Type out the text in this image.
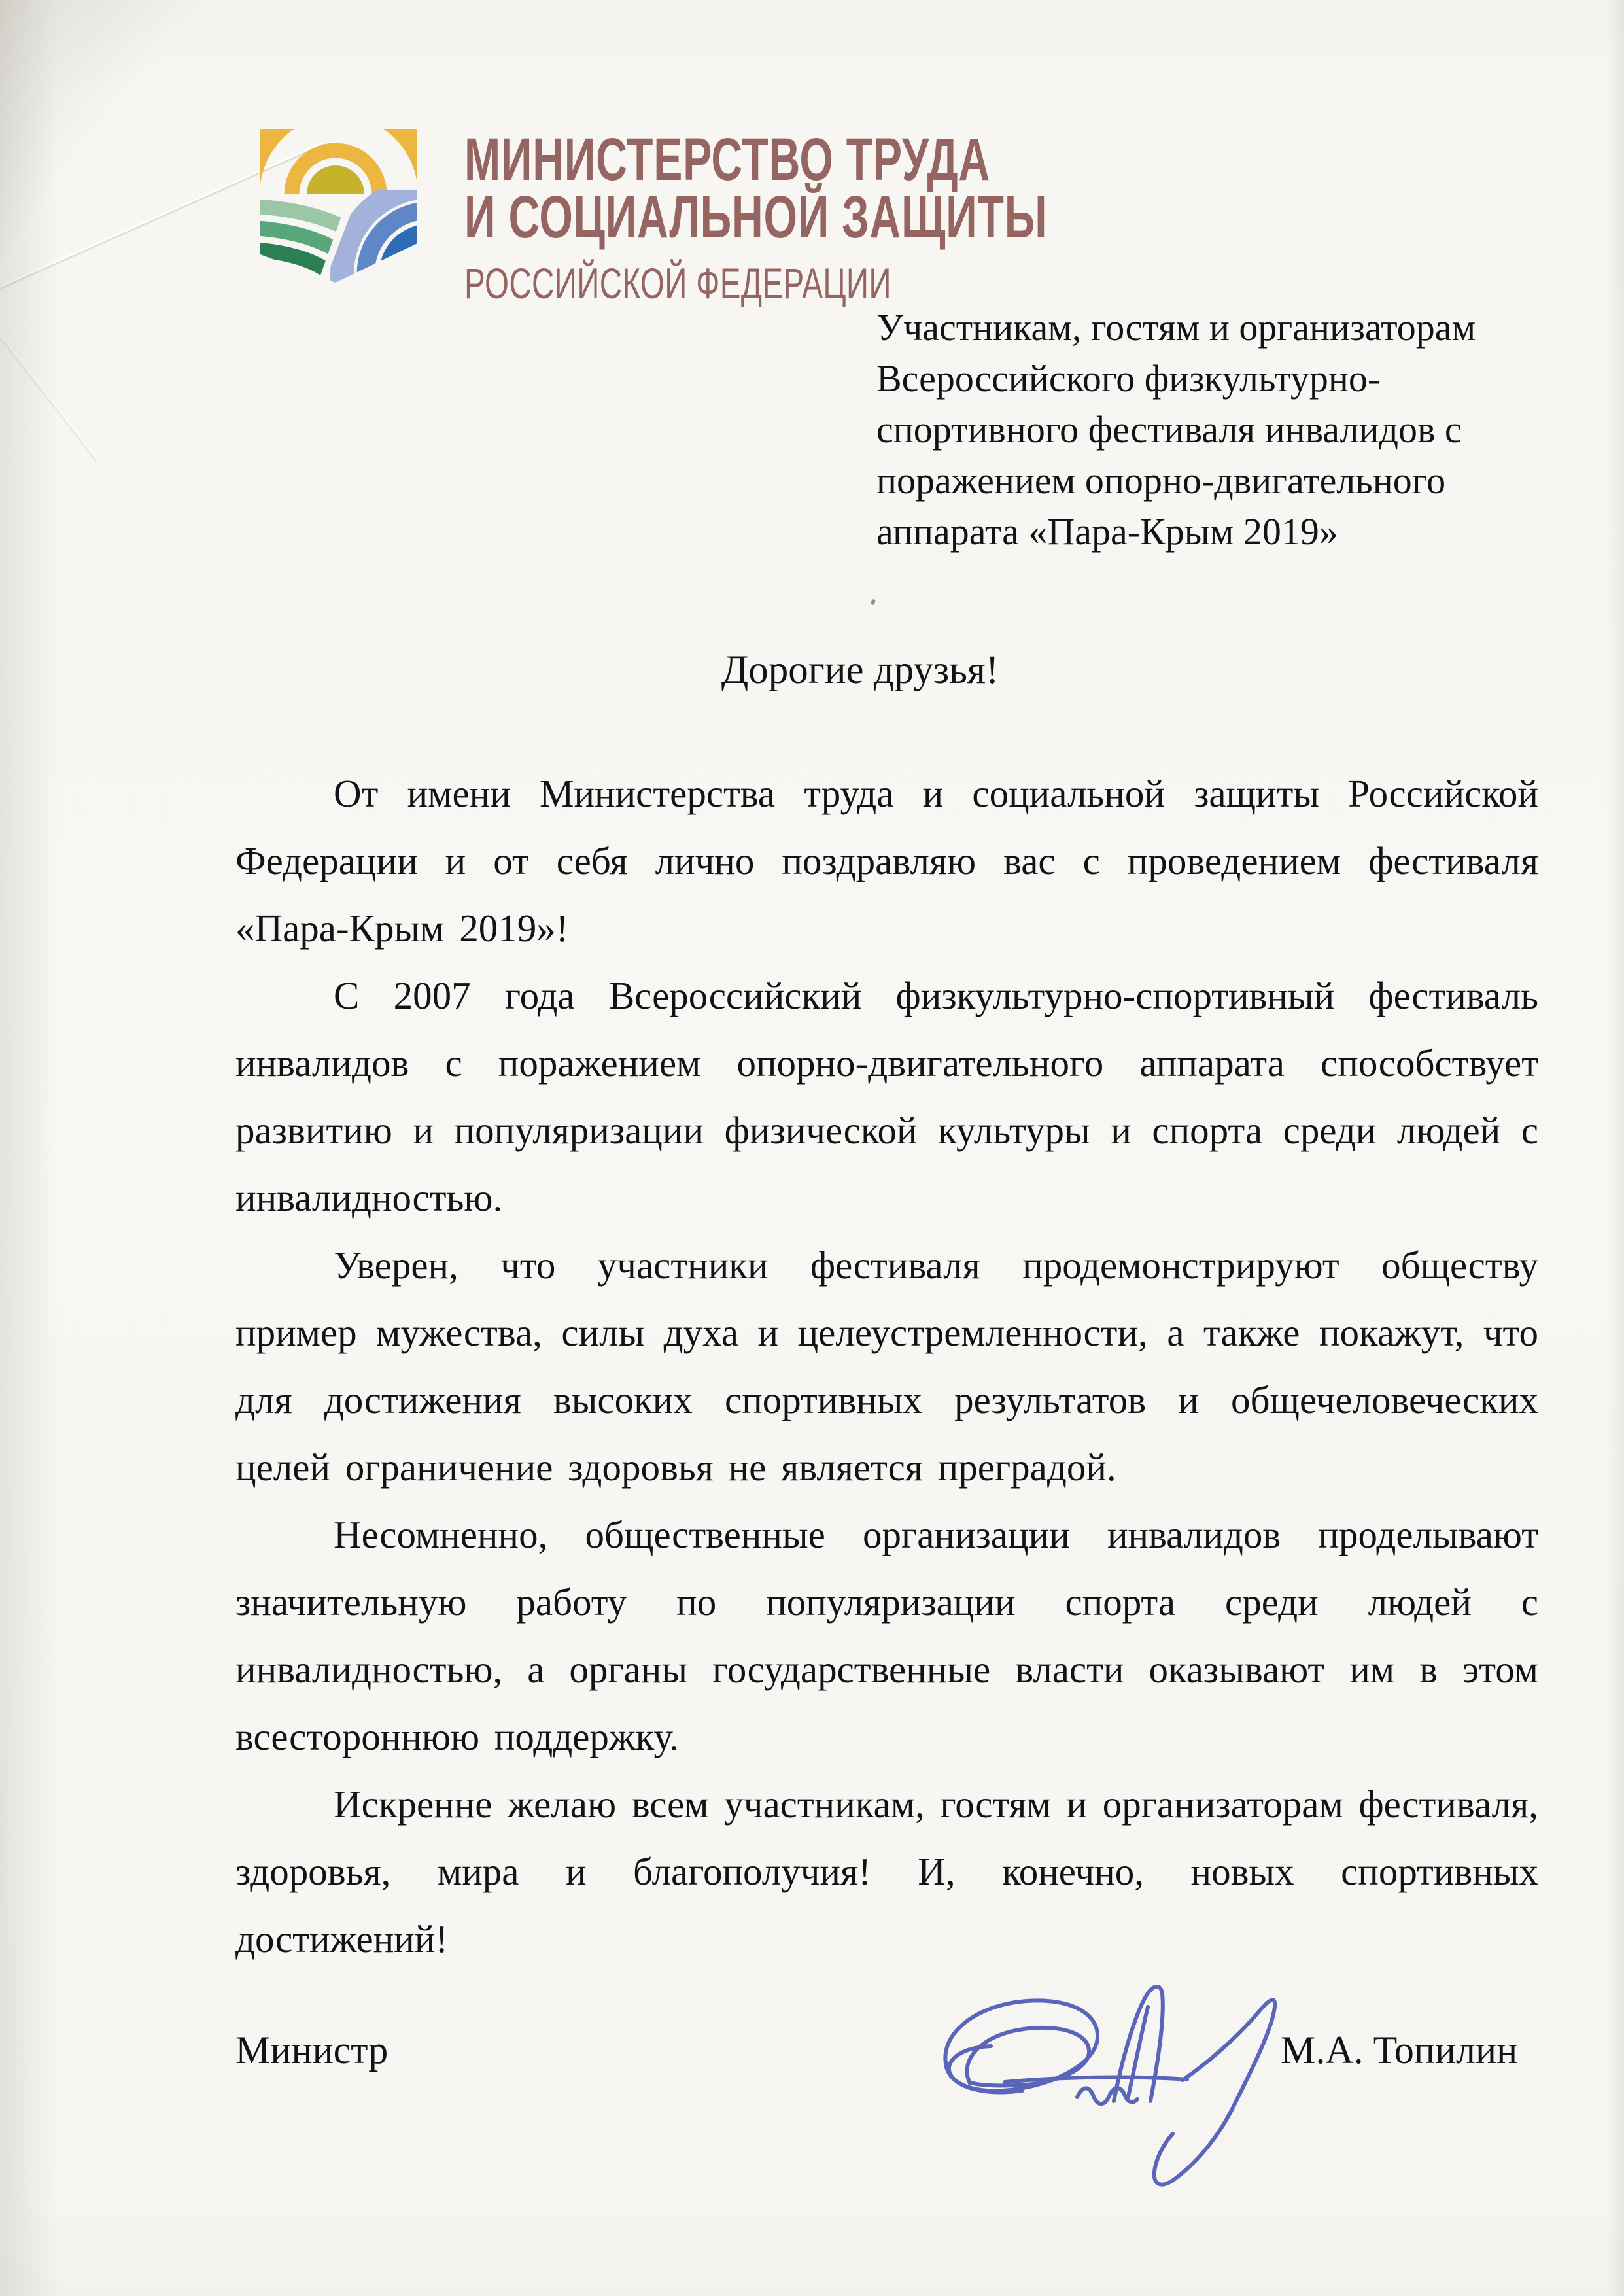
МИНИСТЕРСТВО ТРУДА
И СОЦИАЛЬНОЙ ЗАЩИТЫ
РОССИЙСКОЙ ФЕДЕРАЦИИ
Участникам, гостям и организаторам
Всероссийского физкультурно-
спортивного фестиваля инвалидов с
поражением опорно-двигательного
аппарата «Пара-Крым 2019»
Дорогие друзья!

От имени Министерства труда и социальной защиты Российской Федерации и от себя лично поздравляю вас с проведением фестиваля «Пара-Крым 2019»!

С 2007 года Всероссийский физкультурно-спортивный фестиваль инвалидов с поражением опорно-двигательного аппарата способствует развитию и популяризации физической культуры и спорта среди людей с инвалидностью.

Уверен, что участники фестиваля продемонстрируют обществу пример мужества, силы духа и целеустремленности, а также покажут, что для достижения высоких спортивных результатов и общечеловеческих целей ограничение здоровья не является преградой.

Несомненно, общественные организации инвалидов проделывают значительную работу по популяризации спорта среди людей с инвалидностью, а органы государственные власти оказывают им в этом всестороннюю поддержку.

Искренне желаю всем участникам, гостям и организаторам фестиваля, здоровья, мира и благополучия! И, конечно, новых спортивных достижений!

Министр	М.А. Топилин
